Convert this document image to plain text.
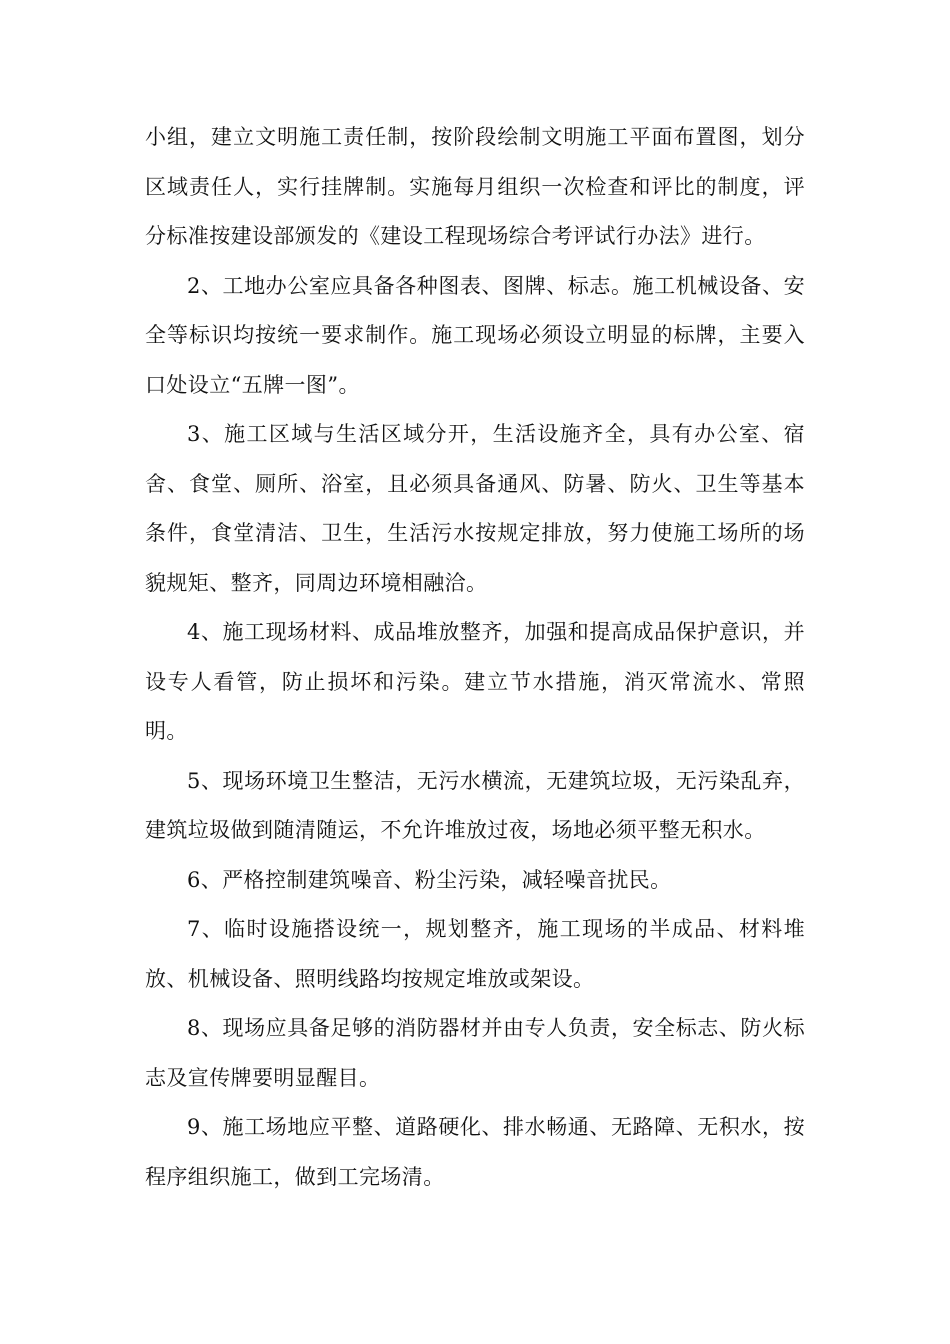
小组，建立文明施工责任制，按阶段绘制文明施工平面布置图，划分区域责任人，实行挂牌制。实施每月组织一次检查和评比的制度，评分标准按建设部颁发的《建设工程现场综合考评试行办法》进行。

2、工地办公室应具备各种图表、图牌、标志。施工机械设备、安全等标识均按统一要求制作。施工现场必须设立明显的标牌，主要入口处设立“五牌一图”。

3、施工区域与生活区域分开，生活设施齐全，具有办公室、宿舍、食堂、厕所、浴室，且必须具备通风、防暑、防火、卫生等基本条件，食堂清洁、卫生，生活污水按规定排放，努力使施工场所的场貌规矩、整齐，同周边环境相融洽。

4、施工现场材料、成品堆放整齐，加强和提高成品保护意识，并设专人看管，防止损坏和污染。建立节水措施，消灭常流水、常照明。

5、现场环境卫生整洁，无污水横流，无建筑垃圾，无污染乱弃，建筑垃圾做到随清随运，不允许堆放过夜，场地必须平整无积水。

6、严格控制建筑噪音、粉尘污染，减轻噪音扰民。

7、临时设施搭设统一，规划整齐，施工现场的半成品、材料堆放、机械设备、照明线路均按规定堆放或架设。

8、现场应具备足够的消防器材并由专人负责，安全标志、防火标志及宣传牌要明显醒目。

9、施工场地应平整、道路硬化、排水畅通、无路障、无积水，按程序组织施工，做到工完场清。
